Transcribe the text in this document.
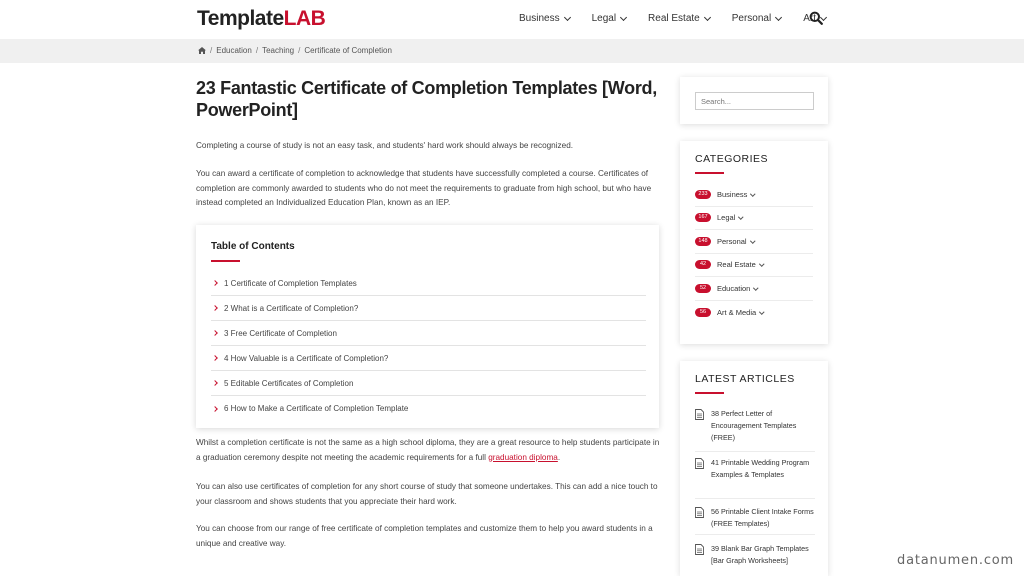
TemplateLAB	Business	Legal	Real Estate	Personal	Art
/ Education / Teaching / Certificate of Completion
23 Fantastic Certificate of Completion Templates [Word, PowerPoint]

Completing a course of study is not an easy task, and students' hard work should always be recognized.

You can award a certificate of completion to acknowledge that students have successfully completed a course. Certificates of completion are commonly awarded to students who do not meet the requirements to graduate from high school, but who have instead completed an Individualized Education Plan, known as an IEP.

Table of Contents
1 Certificate of Completion Templates
2 What is a Certificate of Completion?
3 Free Certificate of Completion
4 How Valuable is a Certificate of Completion?
5 Editable Certificates of Completion
6 How to Make a Certificate of Completion Template

Whilst a completion certificate is not the same as a high school diploma, they are a great resource to help students participate in a graduation ceremony despite not meeting the academic requirements for a full graduation diploma.

You can also use certificates of completion for any short course of study that someone undertakes. This can add a nice touch to your classroom and shows students that you appreciate their hard work.

You can choose from our range of free certificate of completion templates and customize them to help you award students in a unique and creative way.

Search...
CATEGORIES
233	Business
167	Legal
148	Personal
42	Real Estate
52	Education
56	Art & Media
LATEST ARTICLES
38 Perfect Letter of Encouragement Templates (FREE)
41 Printable Wedding Program Examples & Templates
56 Printable Client Intake Forms (FREE Templates)
39 Blank Bar Graph Templates [Bar Graph Worksheets]	datanumen.com
